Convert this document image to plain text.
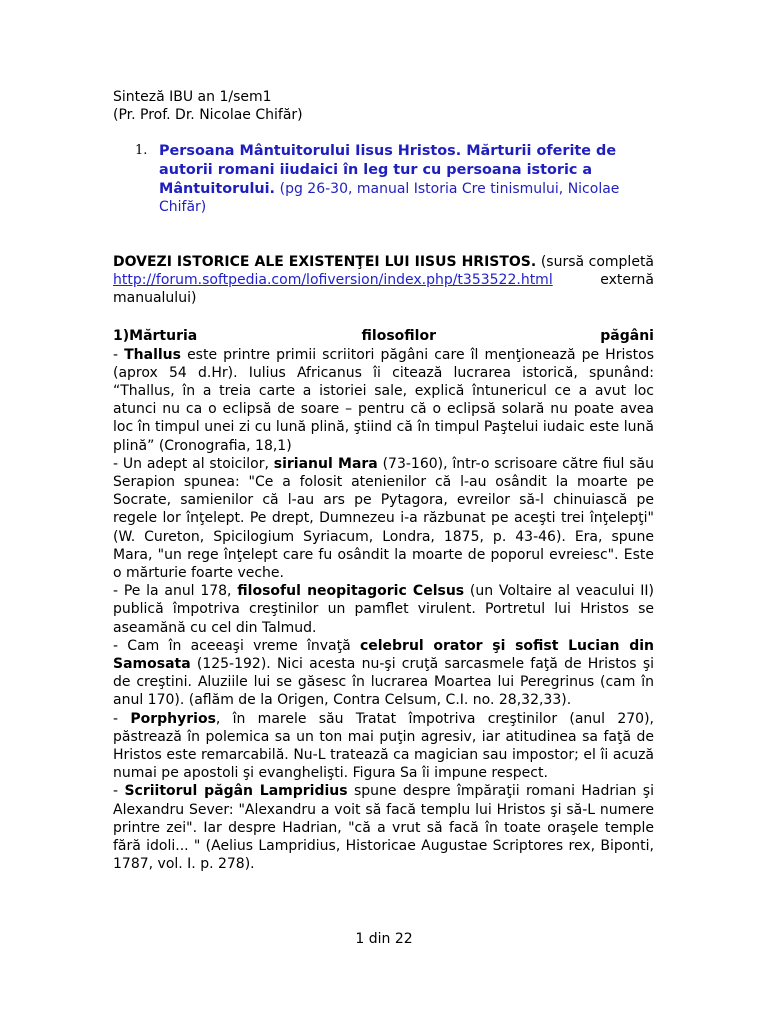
Sinteză IBU an 1/sem1

(Pr. Prof. Dr. Nicolae Chifăr)

1. Persoana Mântuitorului Iisus Hristos. Mărturii oferite de autorii romani iiudaici în leg tur cu persoana istoric a Mântuitorului. (pg 26-30, manual Istoria Cre tinismului, Nicolae Chifăr)
DOVEZI ISTORICE ALE EXISTENŢEI LUI IISUS HRISTOS. (sursă completă http://forum.softpedia.com/lofiversion/index.php/t353522.html	externă manualului)
1)Mărturia	filosofilor	păgâni

- Thallus este printre primii scriitori păgâni care îl menţionează pe Hristos (aprox 54 d.Hr). Iulius Africanus îi citează lucrarea istorică, spunând: “Thallus, în a treia carte a istoriei sale, explică întunericul ce a avut loc atunci nu ca o eclipsă de soare – pentru că o eclipsă solară nu poate avea loc în timpul unei zi cu lună plină, ştiind că în timpul Paştelui iudaic este lună plină” (Cronografia, 18,1)

- Un adept al stoicilor, sirianul Mara (73-160), într-o scrisoare către fiul său Serapion spunea: "Ce a folosit atenienilor că l-au osândit la moarte pe Socrate, samienilor că l-au ars pe Pytagora, evreilor să-l chinuiască pe regele lor înţelept. Pe drept, Dumnezeu i-a răzbunat pe aceşti trei înţelepţi" (W. Cureton, Spicilogium Syriacum, Londra, 1875, p. 43-46). Era, spune Mara, "un rege înţelept care fu osândit la moarte de poporul evreiesc". Este o mărturie foarte veche.

- Pe la anul 178, filosoful neopitagoric Celsus (un Voltaire al veacului II) publică împotriva creştinilor un pamflet virulent. Portretul lui Hristos se aseamănă cu cel din Talmud.

- Cam în aceeaşi vreme învaţă celebrul orator şi sofist Lucian din Samosata (125-192). Nici acesta nu-şi cruţă sarcasmele faţă de Hristos şi de creştini. Aluziile lui se găsesc în lucrarea Moartea lui Peregrinus (cam în anul 170). (aflăm de la Origen, Contra Celsum, C.I. no. 28,32,33).

- Porphyrios, în marele său Tratat împotriva creştinilor (anul 270), păstrează în polemica sa un ton mai puţin agresiv, iar atitudinea sa faţă de Hristos este remarcabilă. Nu-L tratează ca magician sau impostor; el îi acuză numai pe apostoli şi evanghelişti. Figura Sa îi impune respect.

- Scriitorul păgân Lampridius spune despre împăraţii romani Hadrian şi Alexandru Sever: "Alexandru a voit să facă templu lui Hristos şi să-L numere printre zei". Iar despre Hadrian, "că a vrut să facă în toate oraşele temple fără idoli... " (Aelius Lampridius, Historicae Augustae Scriptores rex, Biponti, 1787, vol. I. p. 278).

1 din 22
